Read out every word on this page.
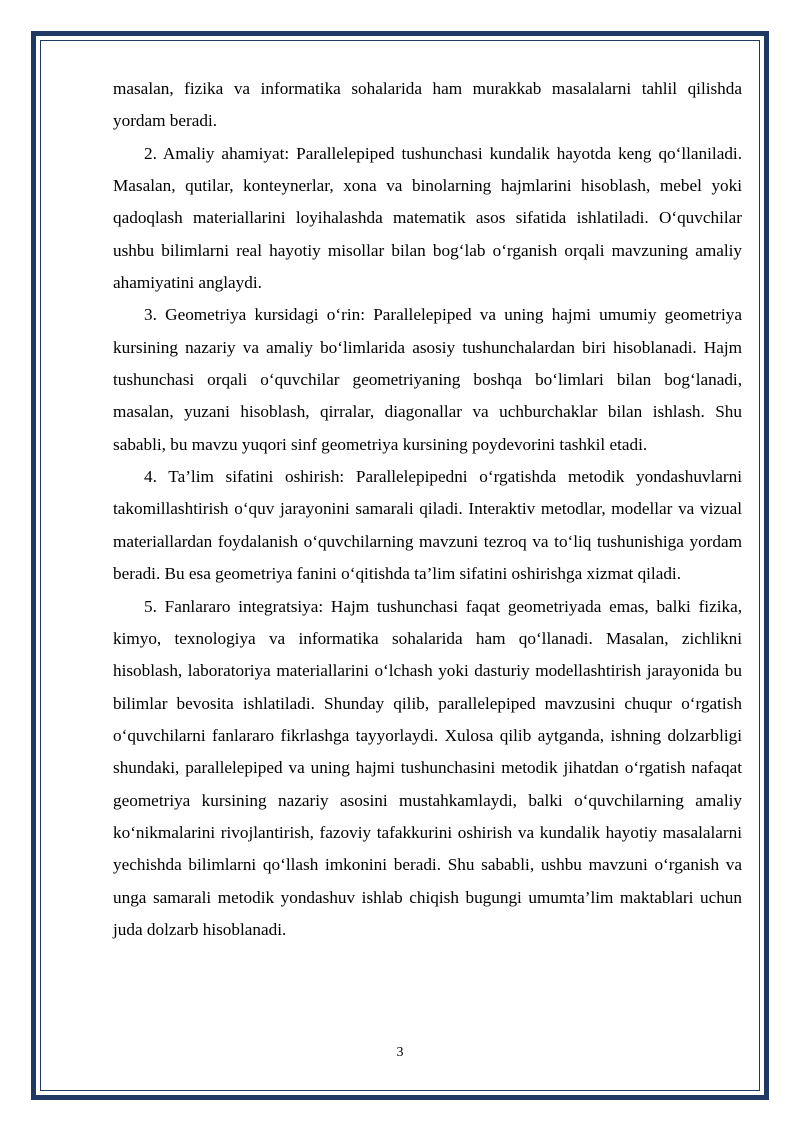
masalan, fizika va informatika sohalarida ham murakkab masalalarni tahlil qilishda yordam beradi.

2. Amaliy ahamiyat: Parallelepiped tushunchasi kundalik hayotda keng qo‘llaniladi. Masalan, qutilar, konteynerlar, xona va binolarning hajmlarini hisoblash, mebel yoki qadoqlash materiallarini loyihalashda matematik asos sifatida ishlatiladi. O‘quvchilar ushbu bilimlarni real hayotiy misollar bilan bog‘lab o‘rganish orqali mavzuning amaliy ahamiyatini anglaydi.

3. Geometriya kursidagi o‘rin: Parallelepiped va uning hajmi umumiy geometriya kursining nazariy va amaliy bo‘limlarida asosiy tushunchalardan biri hisoblanadi. Hajm tushunchasi orqali o‘quvchilar geometriyaning boshqa bo‘limlari bilan bog‘lanadi, masalan, yuzani hisoblash, qirralar, diagonallar va uchburchaklar bilan ishlash. Shu sababli, bu mavzu yuqori sinf geometriya kursining poydevorini tashkil etadi.

4. Ta’lim sifatini oshirish: Parallelepipedni o‘rgatishda metodik yondashuvlarni takomillashtirish o‘quv jarayonini samarali qiladi. Interaktiv metodlar, modellar va vizual materiallardan foydalanish o‘quvchilarning mavzuni tezroq va to‘liq tushunishiga yordam beradi. Bu esa geometriya fanini o‘qitishda ta’lim sifatini oshirishga xizmat qiladi.

5. Fanlararo integratsiya: Hajm tushunchasi faqat geometriyada emas, balki fizika, kimyo, texnologiya va informatika sohalarida ham qo‘llanadi. Masalan, zichlikni hisoblash, laboratoriya materiallarini o‘lchash yoki dasturiy modellashtirish jarayonida bu bilimlar bevosita ishlatiladi. Shunday qilib, parallelepiped mavzusini chuqur o‘rgatish o‘quvchilarni fanlararo fikrlashga tayyorlaydi. Xulosa qilib aytganda, ishning dolzarbligi shundaki, parallelepiped va uning hajmi tushunchasini metodik jihatdan o‘rgatish nafaqat geometriya kursining nazariy asosini mustahkamlaydi, balki o‘quvchilarning amaliy ko‘nikmalarini rivojlantirish, fazoviy tafakkurini oshirish va kundalik hayotiy masalalarni yechishda bilimlarni qo‘llash imkonini beradi. Shu sababli, ushbu mavzuni o‘rganish va unga samarali metodik yondashuv ishlab chiqish bugungi umumta’lim maktablari uchun juda dolzarb hisoblanadi.

3
